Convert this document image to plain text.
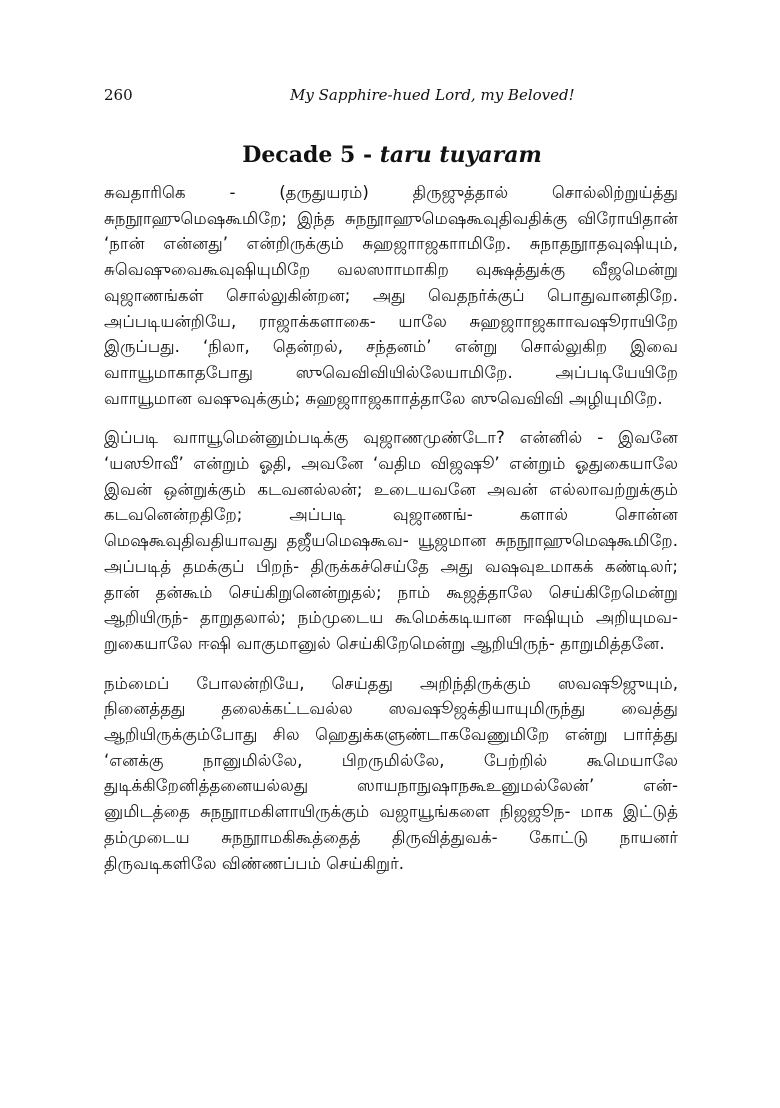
260	My Sapphire-hued Lord, my Beloved!
Decade 5 - taru tuyaram

சுவதாரிகெ - (தருதுயரம்) திருஜுத்தால் சொல்லிற்றுய்த்து சுநநூாஹுமெஷகூமிறே; இந்த சுநநூாஹுமெஷகூவுதிவதிக்கு விரோயிதான் ‘நான் என்னது’ என்றிருக்கும் சுஹஜாாஜகாாமிறே. சுநாதநூாதவுஷியும், சுவெஷுவைகூவுஷியுமிறே வலஸாாமாகிற வுக்ஷத்துக்கு வீஜமென்று வுஜாணங்கள் சொல்லுகின்றன; அது வெதநர்க்குப் பொதுவானதிறே. அப்படியன்றியே, ராஜாக்களாகை- யாலே சுஹஜாாஜகாாவஷூராயிறே இருப்பது. ‘நிலா, தென்றல், சந்தனம்’ என்று சொல்லுகிற இவை வாாயூமாகாதபோது ஸுவெவிவியில்லேயாமிறே. அப்படியேயிறே வாாயூமான வஷுவுக்கும்; சுஹஜாாஜகாாத்தாலே ஸுவெவிவி அழியுமிறே.

இப்படி வாாயூமென்னும்படிக்கு வுஜாணமுண்டோ? என்னில் - இவனே ‘யஸூாவீ’ என்றும் ஓதி, அவனே ‘வதிம விஜஷூ’ என்றும் ஓதுகையாலே இவன் ஒன்றுக்கும் கடவனல்லன்; உடையவனே அவன் எல்லாவற்றுக்கும் கடவனென்றதிறே; அப்படி வுஜாணங்- களால் சொன்ன மெஷகூவுதிவதியாவது தஜீயமெஷகூவ- யூஜமான சுநநூாஹுமெஷகூமிறே. அப்படித் தமக்குப் பிறந்- திருக்கச்செய்தே அது வஷவுஉமாகக் கண்டிலர்; தான் தன்கூம் செய்கிறுனென்றுதல்; நாம் கூஜத்தாலே செய்கிறேமென்று ஆறியிருந்- தாறுதலால்; நம்முடைய கூமெக்கடியான ஈஷியும் அறியுமவ- றுகையாலே ஈஷி வாகுமானுல் செய்கிறேமென்று ஆறியிருந்- தாறுமித்தனே.

நம்மைப் போலன்றியே, செய்தது அறிந்திருக்கும் ஸவஷூஜுயும், நினைத்தது தலைக்கட்டவல்ல ஸவஷூஜக்தியாயுமிருந்து வைத்து ஆறியிருக்கும்போது சில ஹெதுக்களுண்டாகவேணுமிறே என்று பார்த்து ‘எனக்கு நானுமில்லே, பிறருமில்லே, பேற்றில் கூமெயாலே துடிக்கிறேனித்தனையல்லது ஸாயநாநுஷாநகூஉனுமல்லேன்’ என்- னுமிடத்தை சுநநூாமகிளாயிருக்கும் வஜாயூங்களை நிஜஜூந- மாக இட்டுத் தம்முடைய சுநநூாமகிகூத்தைத் திருவித்துவக்- கோட்டு நாயனர் திருவடிகளிலே விண்ணப்பம் செய்கிறுர்.
